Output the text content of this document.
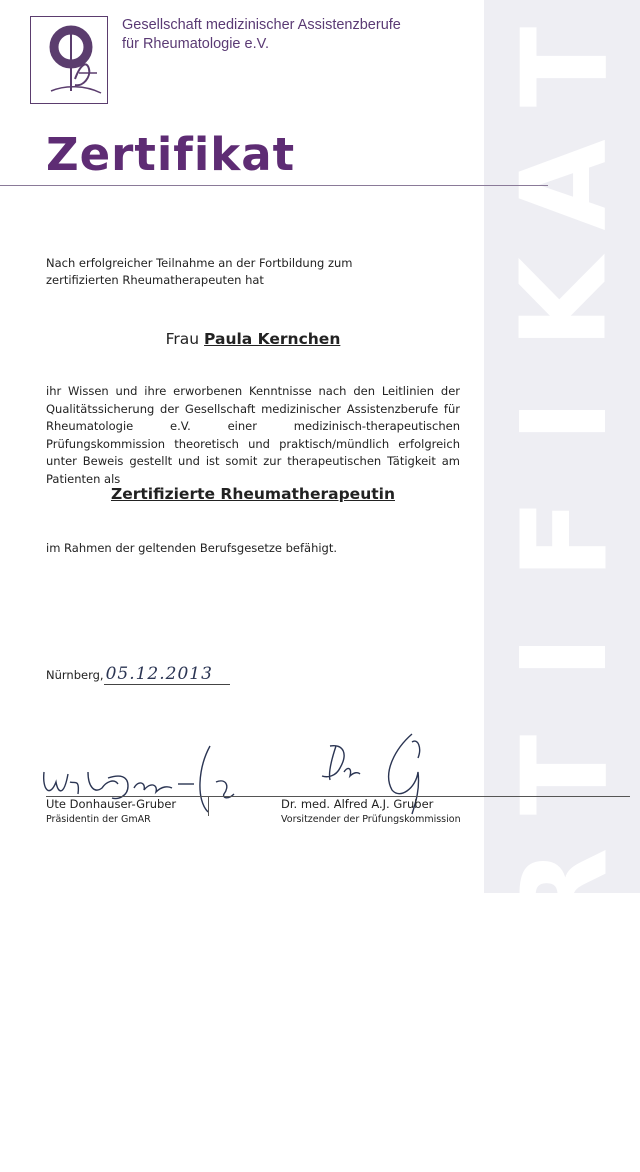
T
A
K
I
F
I
T
R
E
Z
Gesellschaft medizinischer Assistenzberufe
für Rheumatologie e.V.
Zertifikat
Nach erfolgreicher Teilnahme an der Fortbildung zum zertifizierten Rheumatherapeuten hat
Frau Paula Kernchen
ihr Wissen und ihre erworbenen Kenntnisse nach den Leitlinien der Qualitätssicherung der Gesellschaft medizinischer Assistenzberufe für Rheumatologie e.V. einer medizinisch-therapeutischen Prüfungskommission theoretisch und praktisch/mündlich erfolgreich unter Beweis gestellt und ist somit zur therapeutischen Tätigkeit am Patienten als
Zertifizierte Rheumatherapeutin
im Rahmen der geltenden Berufsgesetze befähigt.
Nürnberg, 05.12.2013
Ute Donhauser-Gruber
Präsidentin der GmAR
Dr. med. Alfred A.J. Gruber
Vorsitzender der Prüfungskommission
